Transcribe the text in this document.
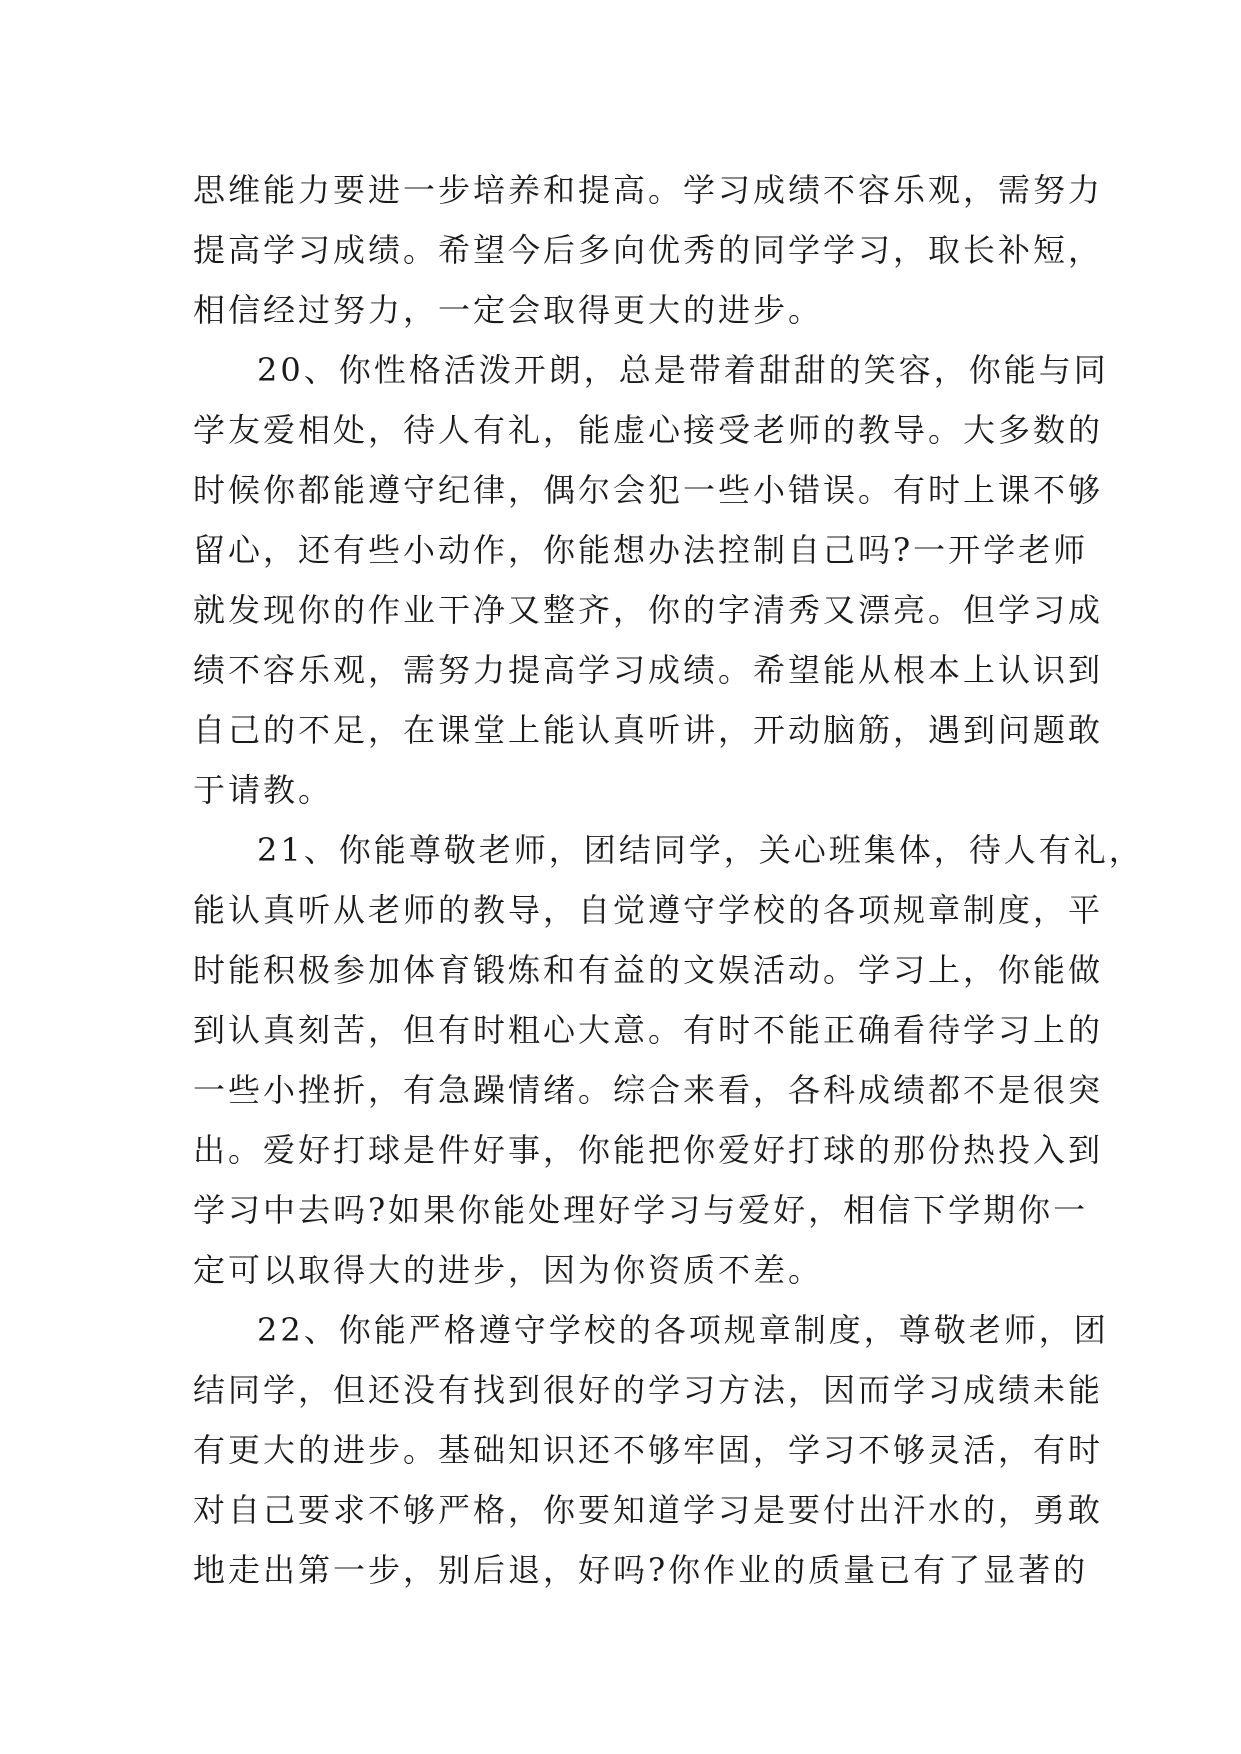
思维能力要进一步培养和提高。学习成绩不容乐观，需努力
提高学习成绩。希望今后多向优秀的同学学习，取长补短，
相信经过努力，一定会取得更大的进步。
20、你性格活泼开朗，总是带着甜甜的笑容，你能与同
学友爱相处，待人有礼，能虚心接受老师的教导。大多数的
时候你都能遵守纪律，偶尔会犯一些小错误。有时上课不够
留心，还有些小动作，你能想办法控制自己吗?一开学老师
就发现你的作业干净又整齐，你的字清秀又漂亮。但学习成
绩不容乐观，需努力提高学习成绩。希望能从根本上认识到
自己的不足，在课堂上能认真听讲，开动脑筋，遇到问题敢
于请教。
21、你能尊敬老师，团结同学，关心班集体，待人有礼，
能认真听从老师的教导，自觉遵守学校的各项规章制度，平
时能积极参加体育锻炼和有益的文娱活动。学习上，你能做
到认真刻苦，但有时粗心大意。有时不能正确看待学习上的
一些小挫折，有急躁情绪。综合来看，各科成绩都不是很突
出。爱好打球是件好事，你能把你爱好打球的那份热投入到
学习中去吗?如果你能处理好学习与爱好，相信下学期你一
定可以取得大的进步，因为你资质不差。
22、你能严格遵守学校的各项规章制度，尊敬老师，团
结同学，但还没有找到很好的学习方法，因而学习成绩未能
有更大的进步。基础知识还不够牢固，学习不够灵活，有时
对自己要求不够严格，你要知道学习是要付出汗水的，勇敢
地走出第一步，别后退，好吗?你作业的质量已有了显著的
